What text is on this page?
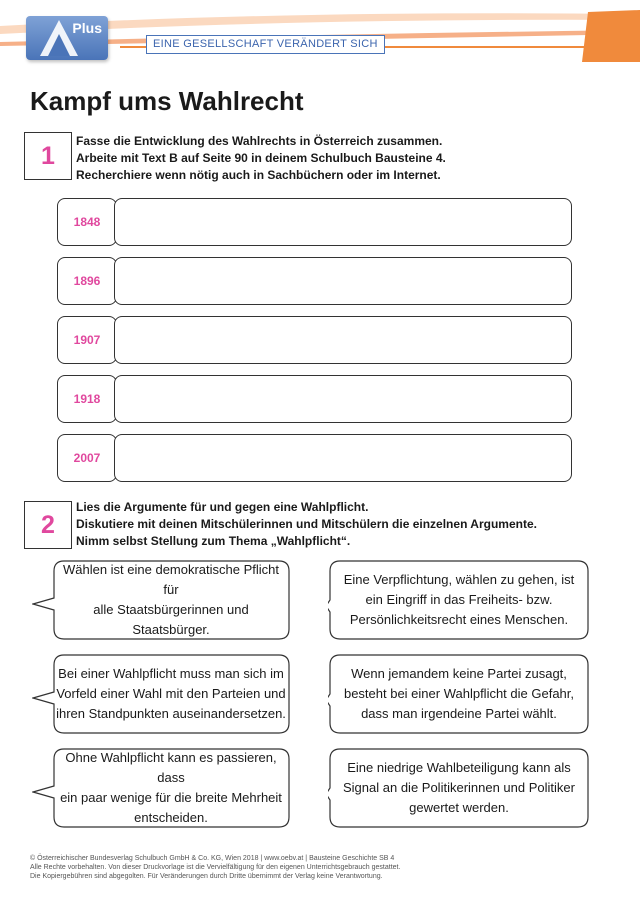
Plus
EINE GESELLSCHAFT VERÄNDERT SICH
Kampf ums Wahlrecht
1
Fasse die Entwicklung des Wahlrechts in Österreich zusammen.
Arbeite mit Text B auf Seite 90 in deinem Schulbuch Bausteine 4.
Recherchiere wenn nötig auch in Sachbüchern oder im Internet.
1848
1896
1907
1918
2007
2
Lies die Argumente für und gegen eine Wahlpflicht.
Diskutiere mit deinen Mitschülerinnen und Mitschülern die einzelnen Argumente.
Nimm selbst Stellung zum Thema „Wahlpflicht“.
Wählen ist eine demokratische Pflicht für
alle Staatsbürgerinnen und Staatsbürger.
Bei einer Wahlpflicht muss man sich im
Vorfeld einer Wahl mit den Parteien und
ihren Standpunkten auseinandersetzen.
Ohne Wahlpflicht kann es passieren, dass
ein paar wenige für die breite Mehrheit
entscheiden.
Eine Verpflichtung, wählen zu gehen, ist
ein Eingriff in das Freiheits- bzw.
Persönlichkeitsrecht eines Menschen.
Wenn jemandem keine Partei zusagt,
besteht bei einer Wahlpflicht die Gefahr,
dass man irgendeine Partei wählt.
Eine niedrige Wahlbeteiligung kann als
Signal an die Politikerinnen und Politiker
gewertet werden.
© Österreichischer Bundesverlag Schulbuch GmbH & Co. KG, Wien 2018 | www.oebv.at | Bausteine Geschichte SB 4
Alle Rechte vorbehalten. Von dieser Druckvorlage ist die Vervielfältigung für den eigenen Unterrichtsgebrauch gestattet.
Die Kopiergebühren sind abgegolten. Für Veränderungen durch Dritte übernimmt der Verlag keine Verantwortung.
